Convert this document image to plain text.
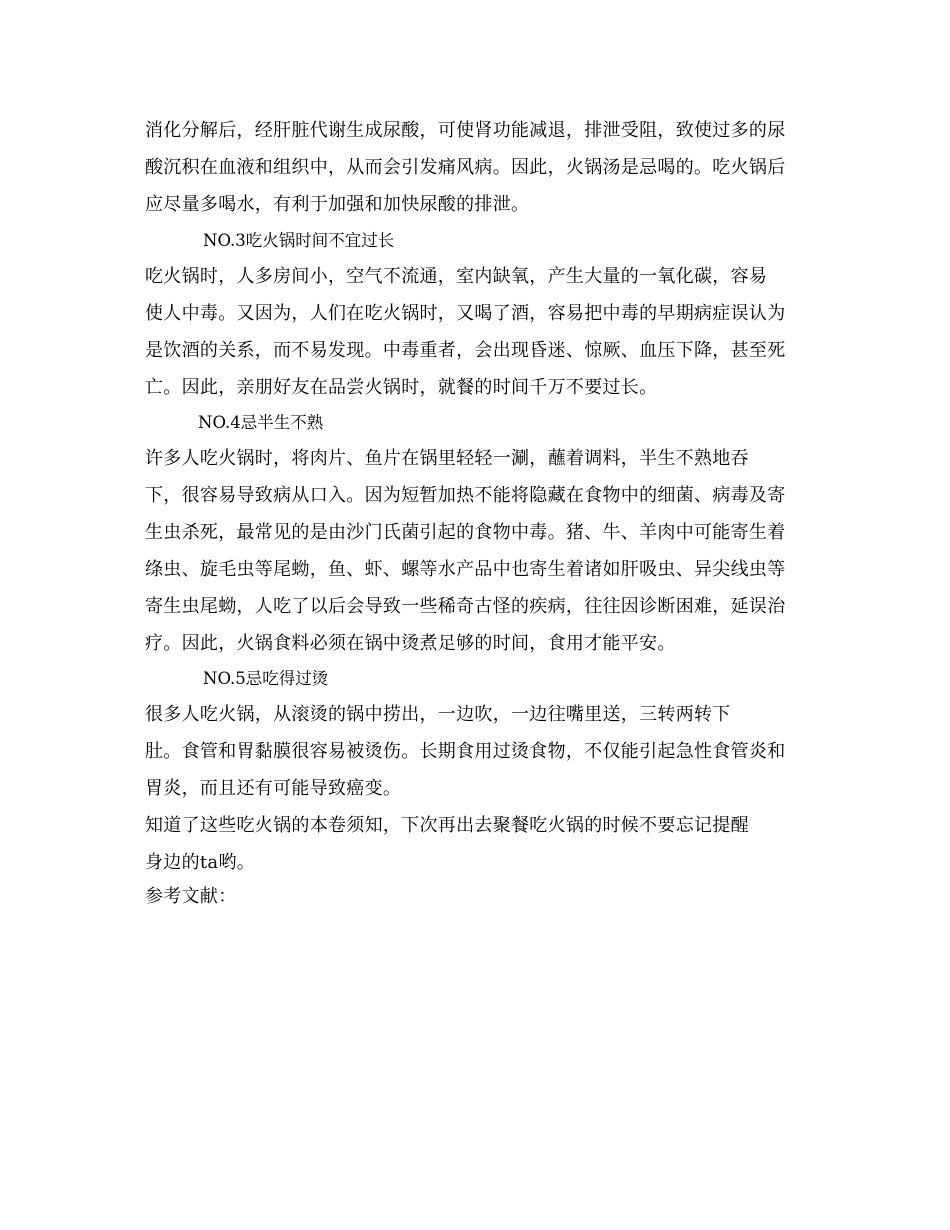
消化分解后，经肝脏代谢生成尿酸，可使肾功能减退，排泄受阻，致使过多的尿
酸沉积在血液和组织中，从而会引发痛风病。因此，火锅汤是忌喝的。吃火锅后
应尽量多喝水，有利于加强和加快尿酸的排泄。
NO.3吃火锅时间不宜过长
吃火锅时，人多房间小，空气不流通，室内缺氧，产生大量的一氧化碳，容易
使人中毒。又因为，人们在吃火锅时，又喝了酒，容易把中毒的早期病症误认为
是饮酒的关系，而不易发现。中毒重者，会出现昏迷、惊厥、血压下降，甚至死
亡。因此，亲朋好友在品尝火锅时，就餐的时间千万不要过长。
NO.4忌半生不熟
许多人吃火锅时，将肉片、鱼片在锅里轻轻一涮，蘸着调料，半生不熟地吞
下，很容易导致病从口入。因为短暂加热不能将隐藏在食物中的细菌、病毒及寄
生虫杀死，最常见的是由沙门氏菌引起的食物中毒。猪、牛、羊肉中可能寄生着
绦虫、旋毛虫等尾蚴，鱼、虾、螺等水产品中也寄生着诸如肝吸虫、异尖线虫等
寄生虫尾蚴，人吃了以后会导致一些稀奇古怪的疾病，往往因诊断困难，延误治
疗。因此，火锅食料必须在锅中烫煮足够的时间，食用才能平安。
NO.5忌吃得过烫
很多人吃火锅，从滚烫的锅中捞出，一边吹，一边往嘴里送，三转两转下
肚。食管和胃黏膜很容易被烫伤。长期食用过烫食物，不仅能引起急性食管炎和
胃炎，而且还有可能导致癌变。
知道了这些吃火锅的本卷须知，下次再出去聚餐吃火锅的时候不要忘记提醒
身边的ta哟。
参考文献：
